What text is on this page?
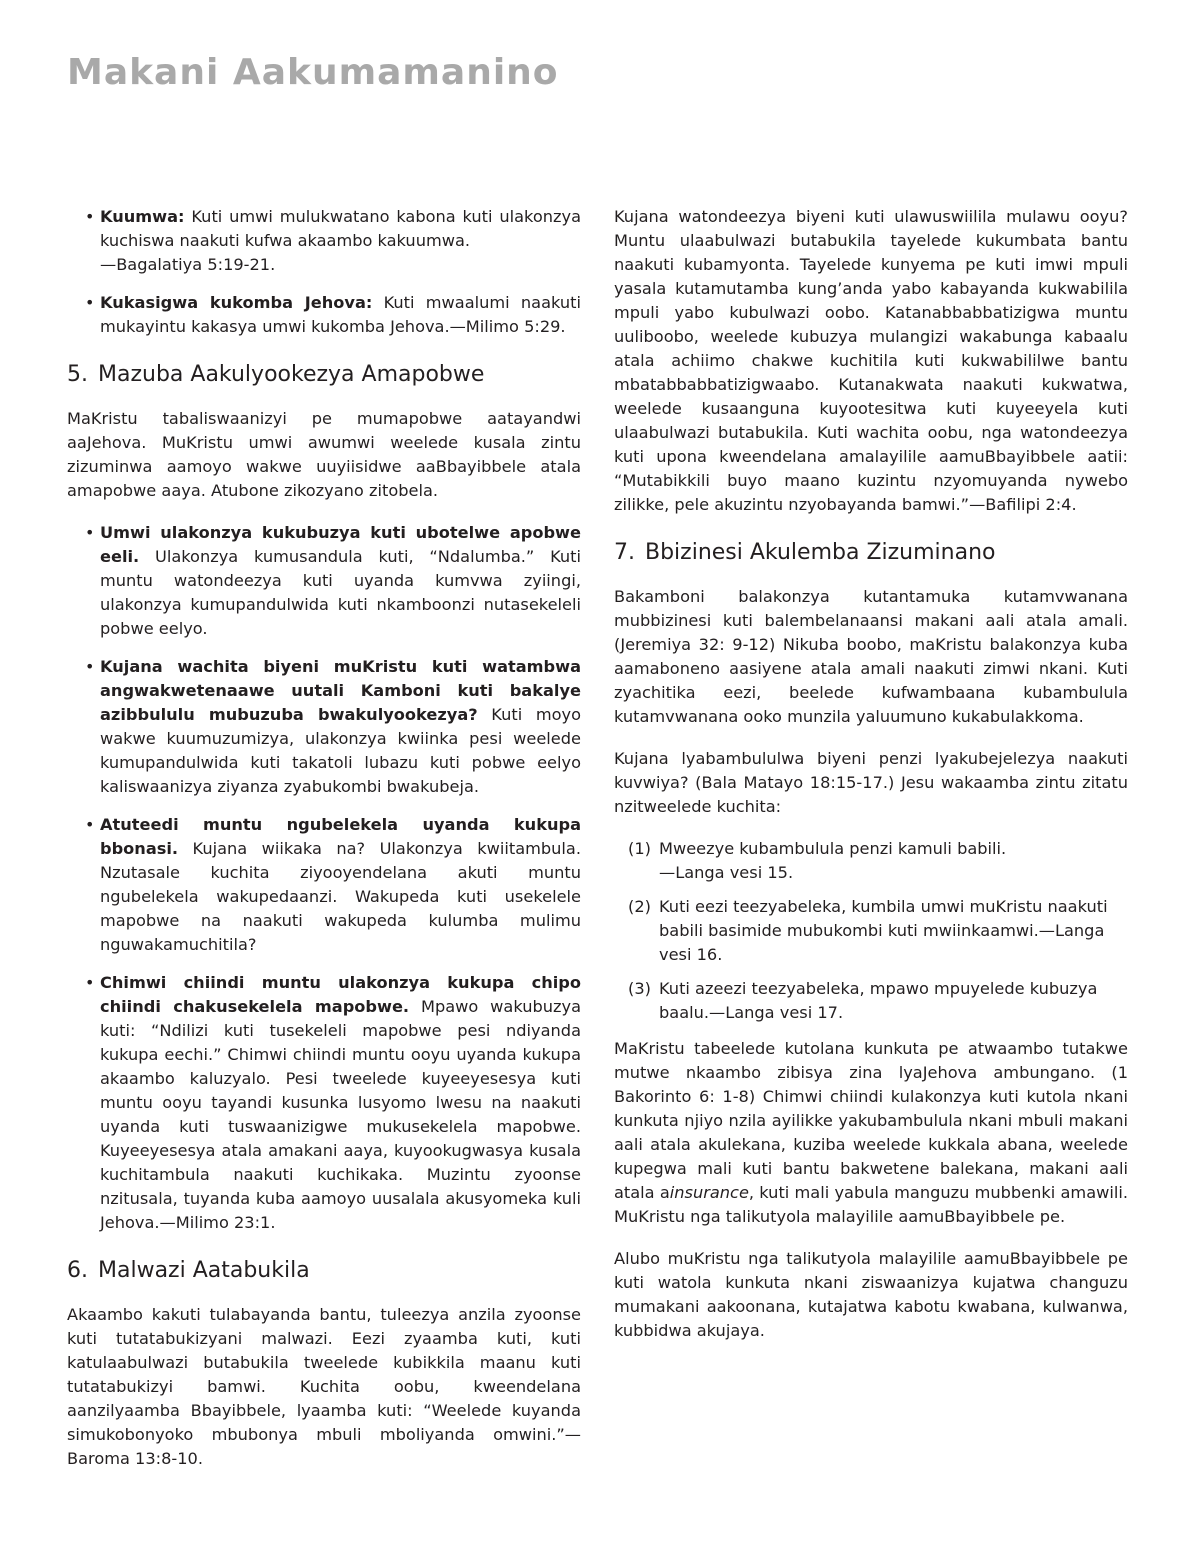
Makani Aakumamanino
• Kuumwa: Kuti umwi mulukwatano kabona kuti ulakonzya kuchiswa naakuti kufwa akaambo kakuumwa.
—Bagalatiya 5:19-21.
• Kukasigwa kukomba Jehova: Kuti mwaalumi naakuti mukayintu kakasya umwi kukomba Jehova.—Milimo 5:29.
5. Mazuba Aakulyookezya Amapobwe

MaKristu tabaliswaanizyi pe mumapobwe aatayandwi aaJehova. MuKristu umwi awumwi weelede kusala zintu zizuminwa aamoyo wakwe uuyiisidwe aaBbayibbele atala amapobwe aaya. Atubone zikozyano zitobela.

• Umwi ulakonzya kukubuzya kuti ubotelwe apobwe eeli. Ulakonzya kumusandula kuti, “Ndalumba.” Kuti muntu watondeezya kuti uyanda kumvwa zyiingi, ulakonzya kumupandulwida kuti nkamboonzi nutasekeleli pobwe eelyo.
• Kujana wachita biyeni muKristu kuti watambwa angwakwetenaawe uutali Kamboni kuti bakalye azibbululu mubuzuba bwakulyookezya? Kuti moyo wakwe kuumuzumizya, ulakonzya kwiinka pesi weelede kumupandulwida kuti takatoli lubazu kuti pobwe eelyo kaliswaanizya ziyanza zyabukombi bwakubeja.
• Atuteedi muntu ngubelekela uyanda kukupa bbonasi. Kujana wiikaka na? Ulakonzya kwiitambula. Nzutasale kuchita ziyooyendelana akuti muntu ngubelekela wakupedaanzi. Wakupeda kuti usekelele mapobwe na naakuti wakupeda kulumba mulimu nguwakamuchitila?
• Chimwi chiindi muntu ulakonzya kukupa chipo chiindi chakusekelela mapobwe. Mpawo wakubuzya kuti: “Ndilizi kuti tusekeleli mapobwe pesi ndiyanda kukupa eechi.” Chimwi chiindi muntu ooyu uyanda kukupa akaambo kaluzyalo. Pesi tweelede kuyeeyesesya kuti muntu ooyu tayandi kusunka lusyomo lwesu na naakuti uyanda kuti tuswaanizigwe mukusekelela mapobwe. Kuyeeyesesya atala amakani aaya, kuyookugwasya kusala kuchitambula naakuti kuchikaka. Muzintu zyoonse nzitusala, tuyanda kuba aamoyo uusalala akusyomeka kuli Jehova.—Milimo 23:1.
6. Malwazi Aatabukila

Akaambo kakuti tulabayanda bantu, tuleezya anzila zyoonse kuti tutatabukizyani malwazi. Eezi zyaamba kuti, kuti katulaabulwazi butabukila tweelede kubikkila maanu kuti tutatabukizyi bamwi. Kuchita oobu, kweendelana aanzilyaamba Bbayibbele, lyaamba kuti: “Weelede kuyanda simukobonyoko mbubonya mbuli mboliyanda omwini.”—Baroma 13:8-10.

Kujana watondeezya biyeni kuti ulawuswiilila mulawu ooyu? Muntu ulaabulwazi butabukila tayelede kukumbata bantu naakuti kubamyonta. Tayelede kunyema pe kuti imwi mpuli yasala kutamutamba kung’anda yabo kabayanda kukwabilila mpuli yabo kubulwazi oobo. Katanabbabbatizigwa muntu uuliboobo, weelede kubuzya mulangizi wakabunga kabaalu atala achiimo chakwe kuchitila kuti kukwabililwe bantu mbatabbabbatizigwaabo. Kutanakwata naakuti kukwatwa, weelede kusaanguna kuyootesitwa kuti kuyeeyela kuti ulaabulwazi butabukila. Kuti wachita oobu, nga watondeezya kuti upona kweendelana amalayilile aamuBbayibbele aatii: “Mutabikkili buyo maano kuzintu nzyomuyanda nywebo zilikke, pele akuzintu nzyobayanda bamwi.”—Bafilipi 2:4.

7. Bbizinesi Akulemba Zizuminano

Bakamboni balakonzya kutantamuka kutamvwanana mubbizinesi kuti balembelanaansi makani aali atala amali. (Jeremiya 32: 9-12) Nikuba boobo, maKristu balakonzya kuba aamaboneno aasiyene atala amali naakuti zimwi nkani. Kuti zyachitika eezi, beelede kufwambaana kubambulula kutamvwanana ooko munzila yaluumuno kukabulakkoma.

Kujana lyabambululwa biyeni penzi lyakubejelezya naakuti kuvwiya? (Bala Matayo 18:15-17.) Jesu wakaamba zintu zitatu nzitweelede kuchita:

(1) Mweezye kubambulula penzi kamuli babili.
—Langa vesi 15.
(2) Kuti eezi teezyabeleka, kumbila umwi muKristu naakuti babili basimide mubukombi kuti mwiinkaamwi.—Langa vesi 16.
(3) Kuti azeezi teezyabeleka, mpawo mpuyelede kubuzya baalu.—Langa vesi 17.

MaKristu tabeelede kutolana kunkuta pe atwaambo tutakwe mutwe nkaambo zibisya zina lyaJehova ambungano. (1 Bakorinto 6: 1-8) Chimwi chiindi kulakonzya kuti kutola nkani kunkuta njiyo nzila ayilikke yakubambulula nkani mbuli makani aali atala akulekana, kuziba weelede kukkala abana, weelede kupegwa mali kuti bantu bakwetene balekana, makani aali atala ainsurance, kuti mali yabula manguzu mubbenki amawili. MuKristu nga talikutyola malayilile aamuBbayibbele pe.

Alubo muKristu nga talikutyola malayilile aamuBbayibbele pe kuti watola kunkuta nkani ziswaanizya kujatwa changuzu mumakani aakoonana, kutajatwa kabotu kwabana, kulwanwa, kubbidwa akujaya.
